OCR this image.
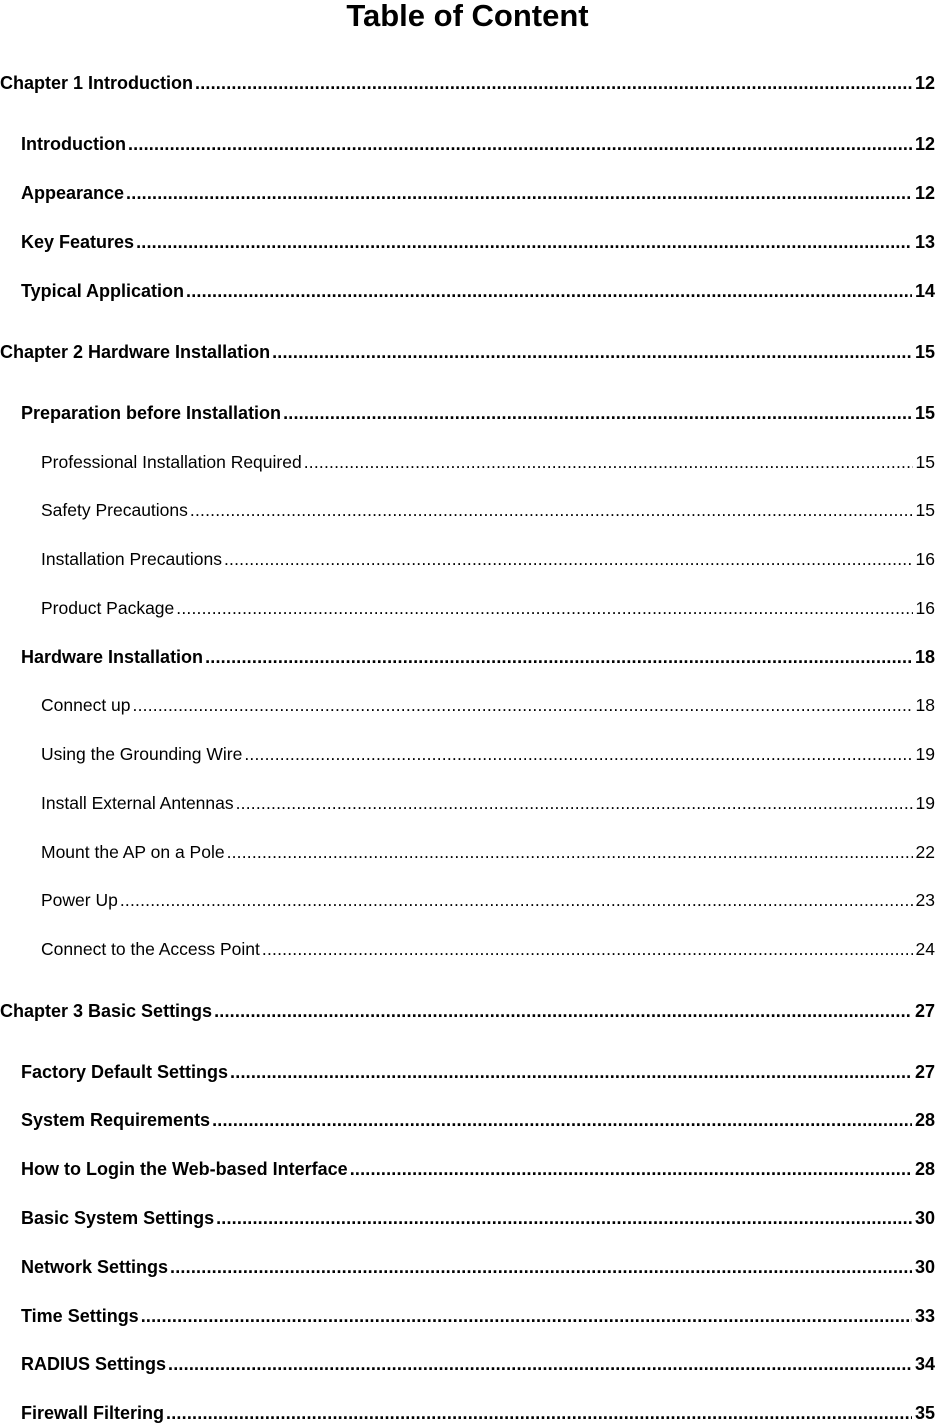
Table of Content
Chapter 1 Introduction .....	12
Introduction .....	12
Appearance .....	12
Key Features .....	13
Typical Application .....	14
Chapter 2 Hardware Installation .....	15
Preparation before Installation .....	15
Professional Installation Required .....	15
Safety Precautions .....	15
Installation Precautions .....	16
Product Package .....	16
Hardware Installation .....	18
Connect up .....	18
Using the Grounding Wire .....	19
Install External Antennas .....	19
Mount the AP on a Pole .....	22
Power Up .....	23
Connect to the Access Point .....	24
Chapter 3 Basic Settings .....	27
Factory Default Settings .....	27
System Requirements .....	28
How to Login the Web-based Interface .....	28
Basic System Settings .....	30
Network Settings .....	30
Time Settings .....	33
RADIUS Settings .....	34
Firewall Filtering .....	35
